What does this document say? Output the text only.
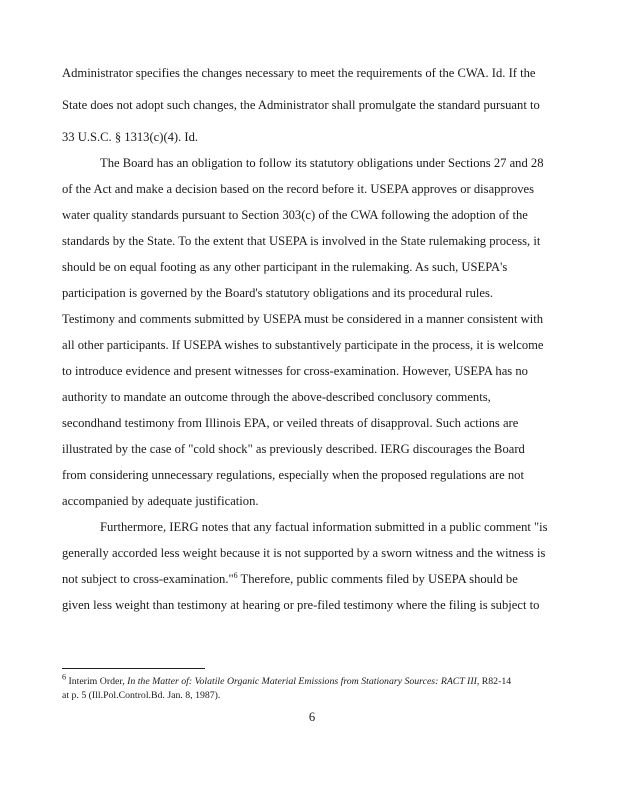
Administrator specifies the changes necessary to meet the requirements of the CWA. Id. If the
State does not adopt such changes, the Administrator shall promulgate the standard pursuant to
33 U.S.C. § 1313(c)(4). Id.
The Board has an obligation to follow its statutory obligations under Sections 27 and 28
of the Act and make a decision based on the record before it. USEPA approves or disapproves
water quality standards pursuant to Section 303(c) of the CWA following the adoption of the
standards by the State. To the extent that USEPA is involved in the State rulemaking process, it
should be on equal footing as any other participant in the rulemaking. As such, USEPA's
participation is governed by the Board's statutory obligations and its procedural rules.
Testimony and comments submitted by USEPA must be considered in a manner consistent with
all other participants. If USEPA wishes to substantively participate in the process, it is welcome
to introduce evidence and present witnesses for cross-examination. However, USEPA has no
authority to mandate an outcome through the above-described conclusory comments,
secondhand testimony from Illinois EPA, or veiled threats of disapproval. Such actions are
illustrated by the case of "cold shock" as previously described. IERG discourages the Board
from considering unnecessary regulations, especially when the proposed regulations are not
accompanied by adequate justification.
Furthermore, IERG notes that any factual information submitted in a public comment "is
generally accorded less weight because it is not supported by a sworn witness and the witness is
not subject to cross-examination."$^6$ Therefore, public comments filed by USEPA should be
given less weight than testimony at hearing or pre-filed testimony where the filing is subject to
$^6$ Interim Order, In the Matter of: Volatile Organic Material Emissions from Stationary Sources: RACT III, R82-14
at p. 5 (Ill.Pol.Control.Bd. Jan. 8, 1987).
6
